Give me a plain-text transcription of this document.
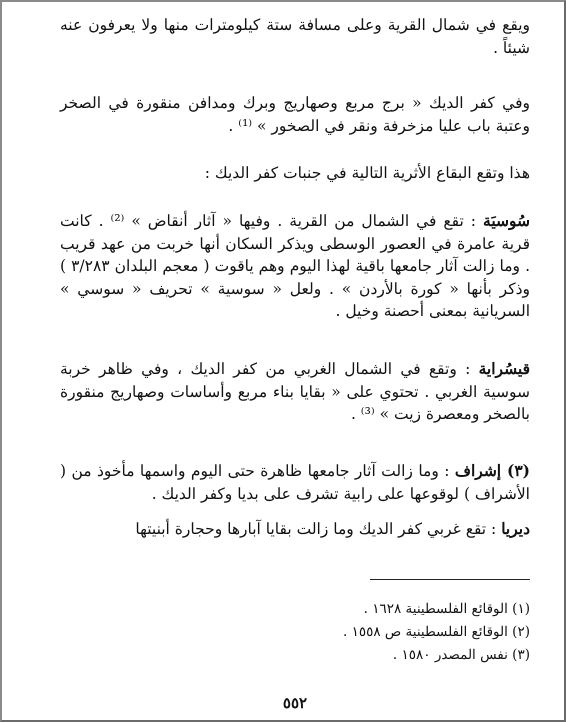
ويقع في شمال القرية وعلى مسافة ستة كيلومترات منها ولا يعرفون عنه شيئاً .

وفي كفر الديك « برج مربع وصهاريج وبرك ومدافن منقورة في الصخر وعتبة باب عليا مزخرفة ونقر في الصخور » ⁽¹⁾ .

هذا وتقع البقاع الأثرية التالية في جنبات كفر الديك :

سُوسيَة : تقع في الشمال من القرية . وفيها « آثار أنقاض » ⁽²⁾ . كانت قرية عامرة في العصور الوسطى ويذكر السكان أنها خربت من عهد قريب . وما زالت آثار جامعها باقية لهذا اليوم وهم ياقوت ( معجم البلدان ٣/٢٨٣ ) وذكر بأنها « كورة بالأردن » . ولعل « سوسية » تحريف « سوسي » السريانية بمعنى أحصنة وخيل .

قيسُراية : وتقع في الشمال الغربي من كفر الديك ، وفي ظاهر خربة سوسية الغربي . تحتوي على « بقايا بناء مربع وأساسات وصهاريج منقورة بالصخر ومعصرة زيت » ⁽³⁾ .

(٣) إشراف : وما زالت آثار جامعها ظاهرة حتى اليوم واسمها مأخوذ من ( الأشراف ) لوقوعها على رابية تشرف على بديا وكفر الديك .

ديريا : تقع غربي كفر الديك وما زالت بقايا آبارها وحجارة أبنيتها

(١) الوقائع الفلسطينية ١٦٢٨ .
(٢) الوقائع الفلسطينية ص ١٥٥٨ .
(٣) نفس المصدر ١٥٨٠ .
٥٥٢
